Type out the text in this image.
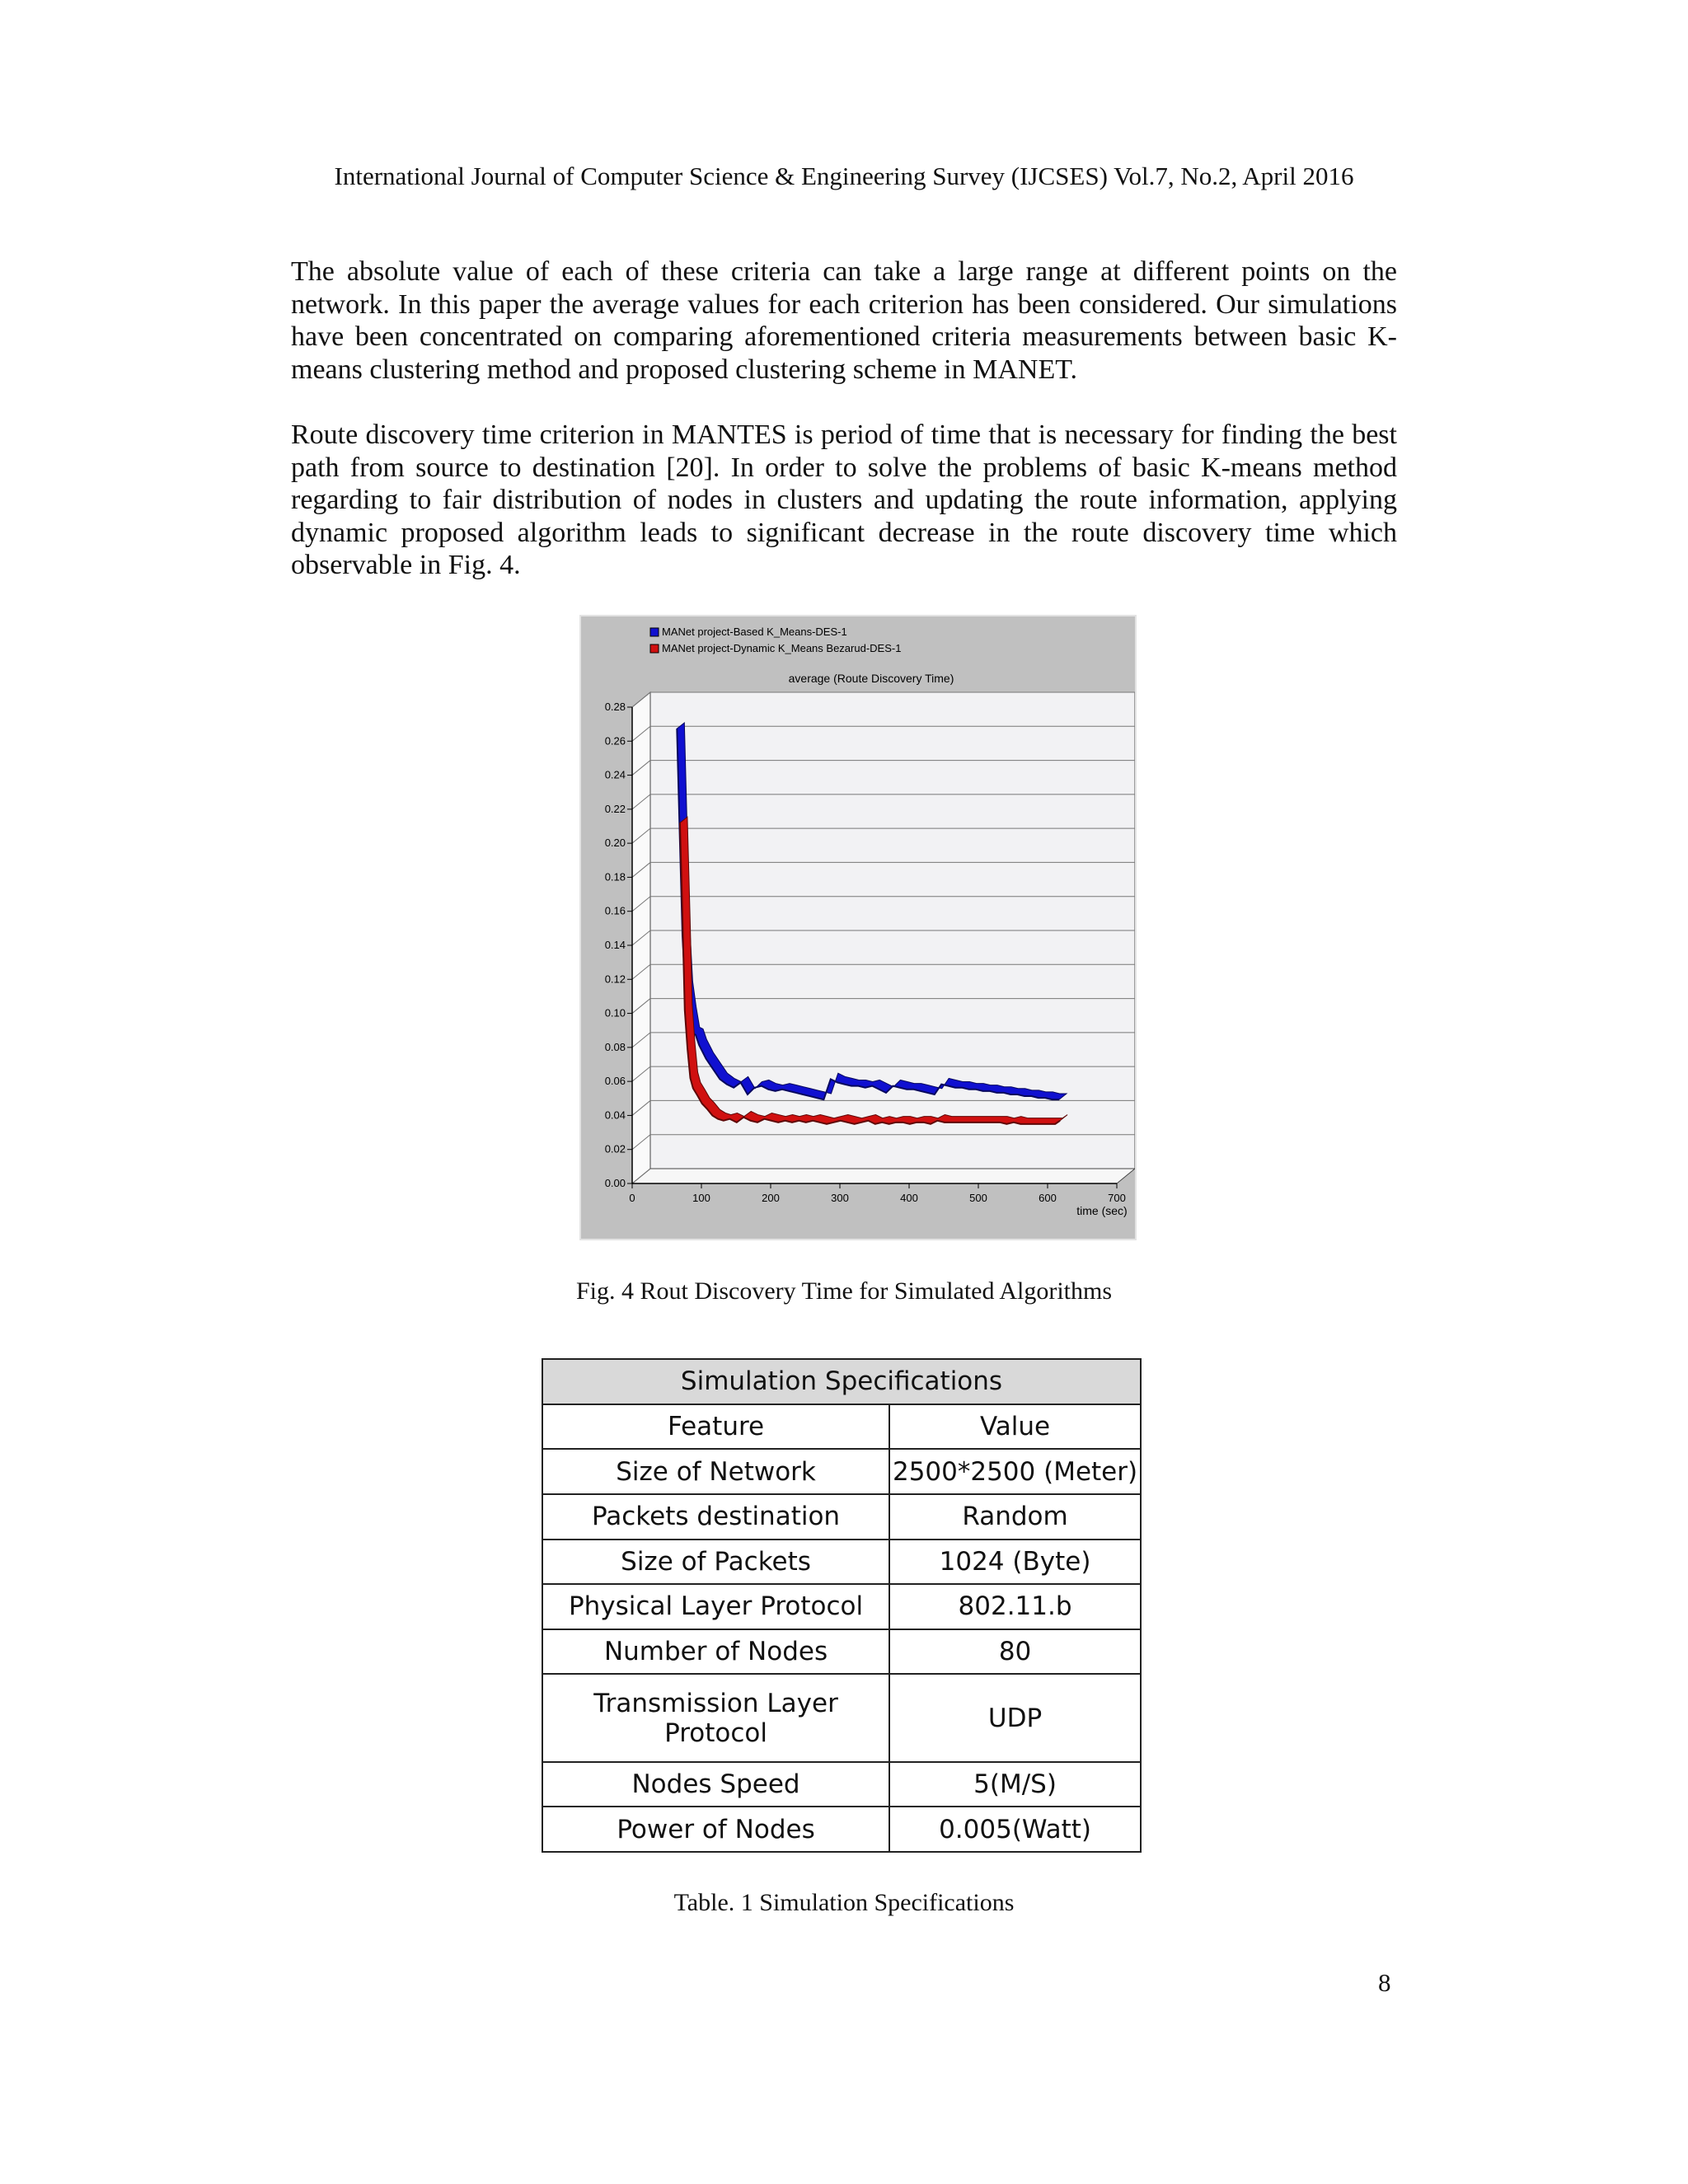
International Journal of Computer Science & Engineering Survey (IJCSES) Vol.7, No.2, April 2016

The absolute value of each of these criteria can take a large range at different points on the network. In this paper the average values for each criterion has been considered. Our simulations have been concentrated on comparing aforementioned criteria measurements between basic K-means clustering method and proposed clustering scheme in MANET.

Route discovery time criterion in MANTES is period of time that is necessary for finding the best path from source to destination [20]. In order to solve the problems of basic K-means method regarding to fair distribution of nodes in clusters and updating the route information, applying dynamic proposed algorithm leads to significant decrease in the route discovery time which observable in Fig. 4.

MANet project-Based K_Means-DES-1
MANet project-Dynamic K_Means Bezarud-DES-1
average (Route Discovery Time)
0.00
0.02
0.04
0.06
0.08
0.10
0.12
0.14
0.16
0.18
0.20
0.22
0.24
0.26
0.28
0	100	200	300	400	500	600	700
time (sec)
Fig. 4 Rout Discovery Time for Simulated Algorithms
Simulation Specifications	
Feature	Value
Size of Network	2500*2500 (Meter)
Packets destination	Random
Size of Packets	1024 (Byte)
Physical Layer Protocol	802.11.b
Number of Nodes	80
Transmission Layer Protocol	UDP
Nodes Speed	5(M/S)
Power of Nodes	0.005(Watt)
Table. 1 Simulation Specifications
8
